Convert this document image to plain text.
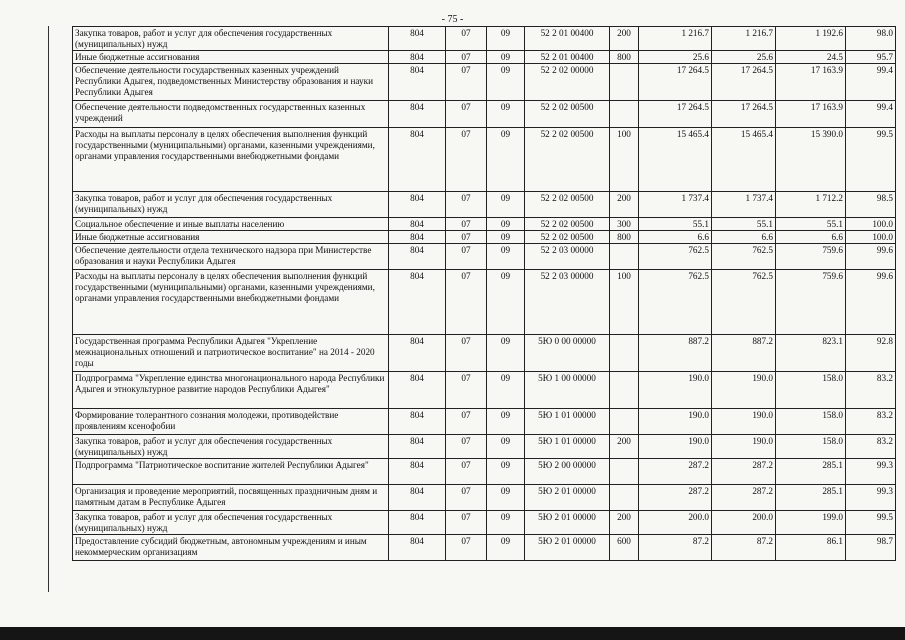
- 75 -
Закупка товаров, работ и услуг для обеспечения государственных (муниципальных) нужд	804	07	09	52 2 01 00400	200	1 216.7	1 216.7	1 192.6	98.0
Иные бюджетные ассигнования	804	07	09	52 2 01 00400	800	25.6	25.6	24.5	95.7
Обеспечение деятельности государственных казенных учреждений Республики Адыгея, подведомственных Министерству образования и науки Республики Адыгея	804	07	09	52 2 02 00000		17 264.5	17 264.5	17 163.9	99.4
Обеспечение деятельности подведомственных государственных казенных учреждений	804	07	09	52 2 02 00500		17 264.5	17 264.5	17 163.9	99.4
Расходы на выплаты персоналу в целях обеспечения выполнения функций государственными (муниципальными) органами, казенными учреждениями, органами управления государственными внебюджетными фондами	804	07	09	52 2 02 00500	100	15 465.4	15 465.4	15 390.0	99.5
Закупка товаров, работ и услуг для обеспечения государственных (муниципальных) нужд	804	07	09	52 2 02 00500	200	1 737.4	1 737.4	1 712.2	98.5
Социальное обеспечение и иные выплаты населению	804	07	09	52 2 02 00500	300	55.1	55.1	55.1	100.0
Иные бюджетные ассигнования	804	07	09	52 2 02 00500	800	6.6	6.6	6.6	100.0
Обеспечение деятельности отдела технического надзора при Министерстве образования и науки Республики Адыгея	804	07	09	52 2 03 00000		762.5	762.5	759.6	99.6
Расходы на выплаты персоналу в целях обеспечения выполнения функций государственными (муниципальными) органами, казенными учреждениями, органами управления государственными внебюджетными фондами	804	07	09	52 2 03 00000	100	762.5	762.5	759.6	99.6
Государственная программа Республики Адыгея "Укрепление межнациональных отношений и патриотическое воспитание" на 2014 - 2020 годы	804	07	09	5Ю 0 00 00000		887.2	887.2	823.1	92.8
Подпрограмма "Укрепление единства многонационального народа Республики Адыгея и этнокультурное развитие народов Республики Адыгея"	804	07	09	5Ю 1 00 00000		190.0	190.0	158.0	83.2
Формирование толерантного сознания молодежи, противодействие проявлениям ксенофобии	804	07	09	5Ю 1 01 00000		190.0	190.0	158.0	83.2
Закупка товаров, работ и услуг для обеспечения государственных (муниципальных) нужд	804	07	09	5Ю 1 01 00000	200	190.0	190.0	158.0	83.2
Подпрограмма "Патриотическое воспитание жителей Республики Адыгея"	804	07	09	5Ю 2 00 00000		287.2	287.2	285.1	99.3
Организация и проведение мероприятий, посвященных праздничным дням и памятным датам в Республике Адыгея	804	07	09	5Ю 2 01 00000		287.2	287.2	285.1	99.3
Закупка товаров, работ и услуг для обеспечения государственных (муниципальных) нужд	804	07	09	5Ю 2 01 00000	200	200.0	200.0	199.0	99.5
Предоставление субсидий бюджетным, автономным учреждениям и иным некоммерческим организациям	804	07	09	5Ю 2 01 00000	600	87.2	87.2	86.1	98.7
